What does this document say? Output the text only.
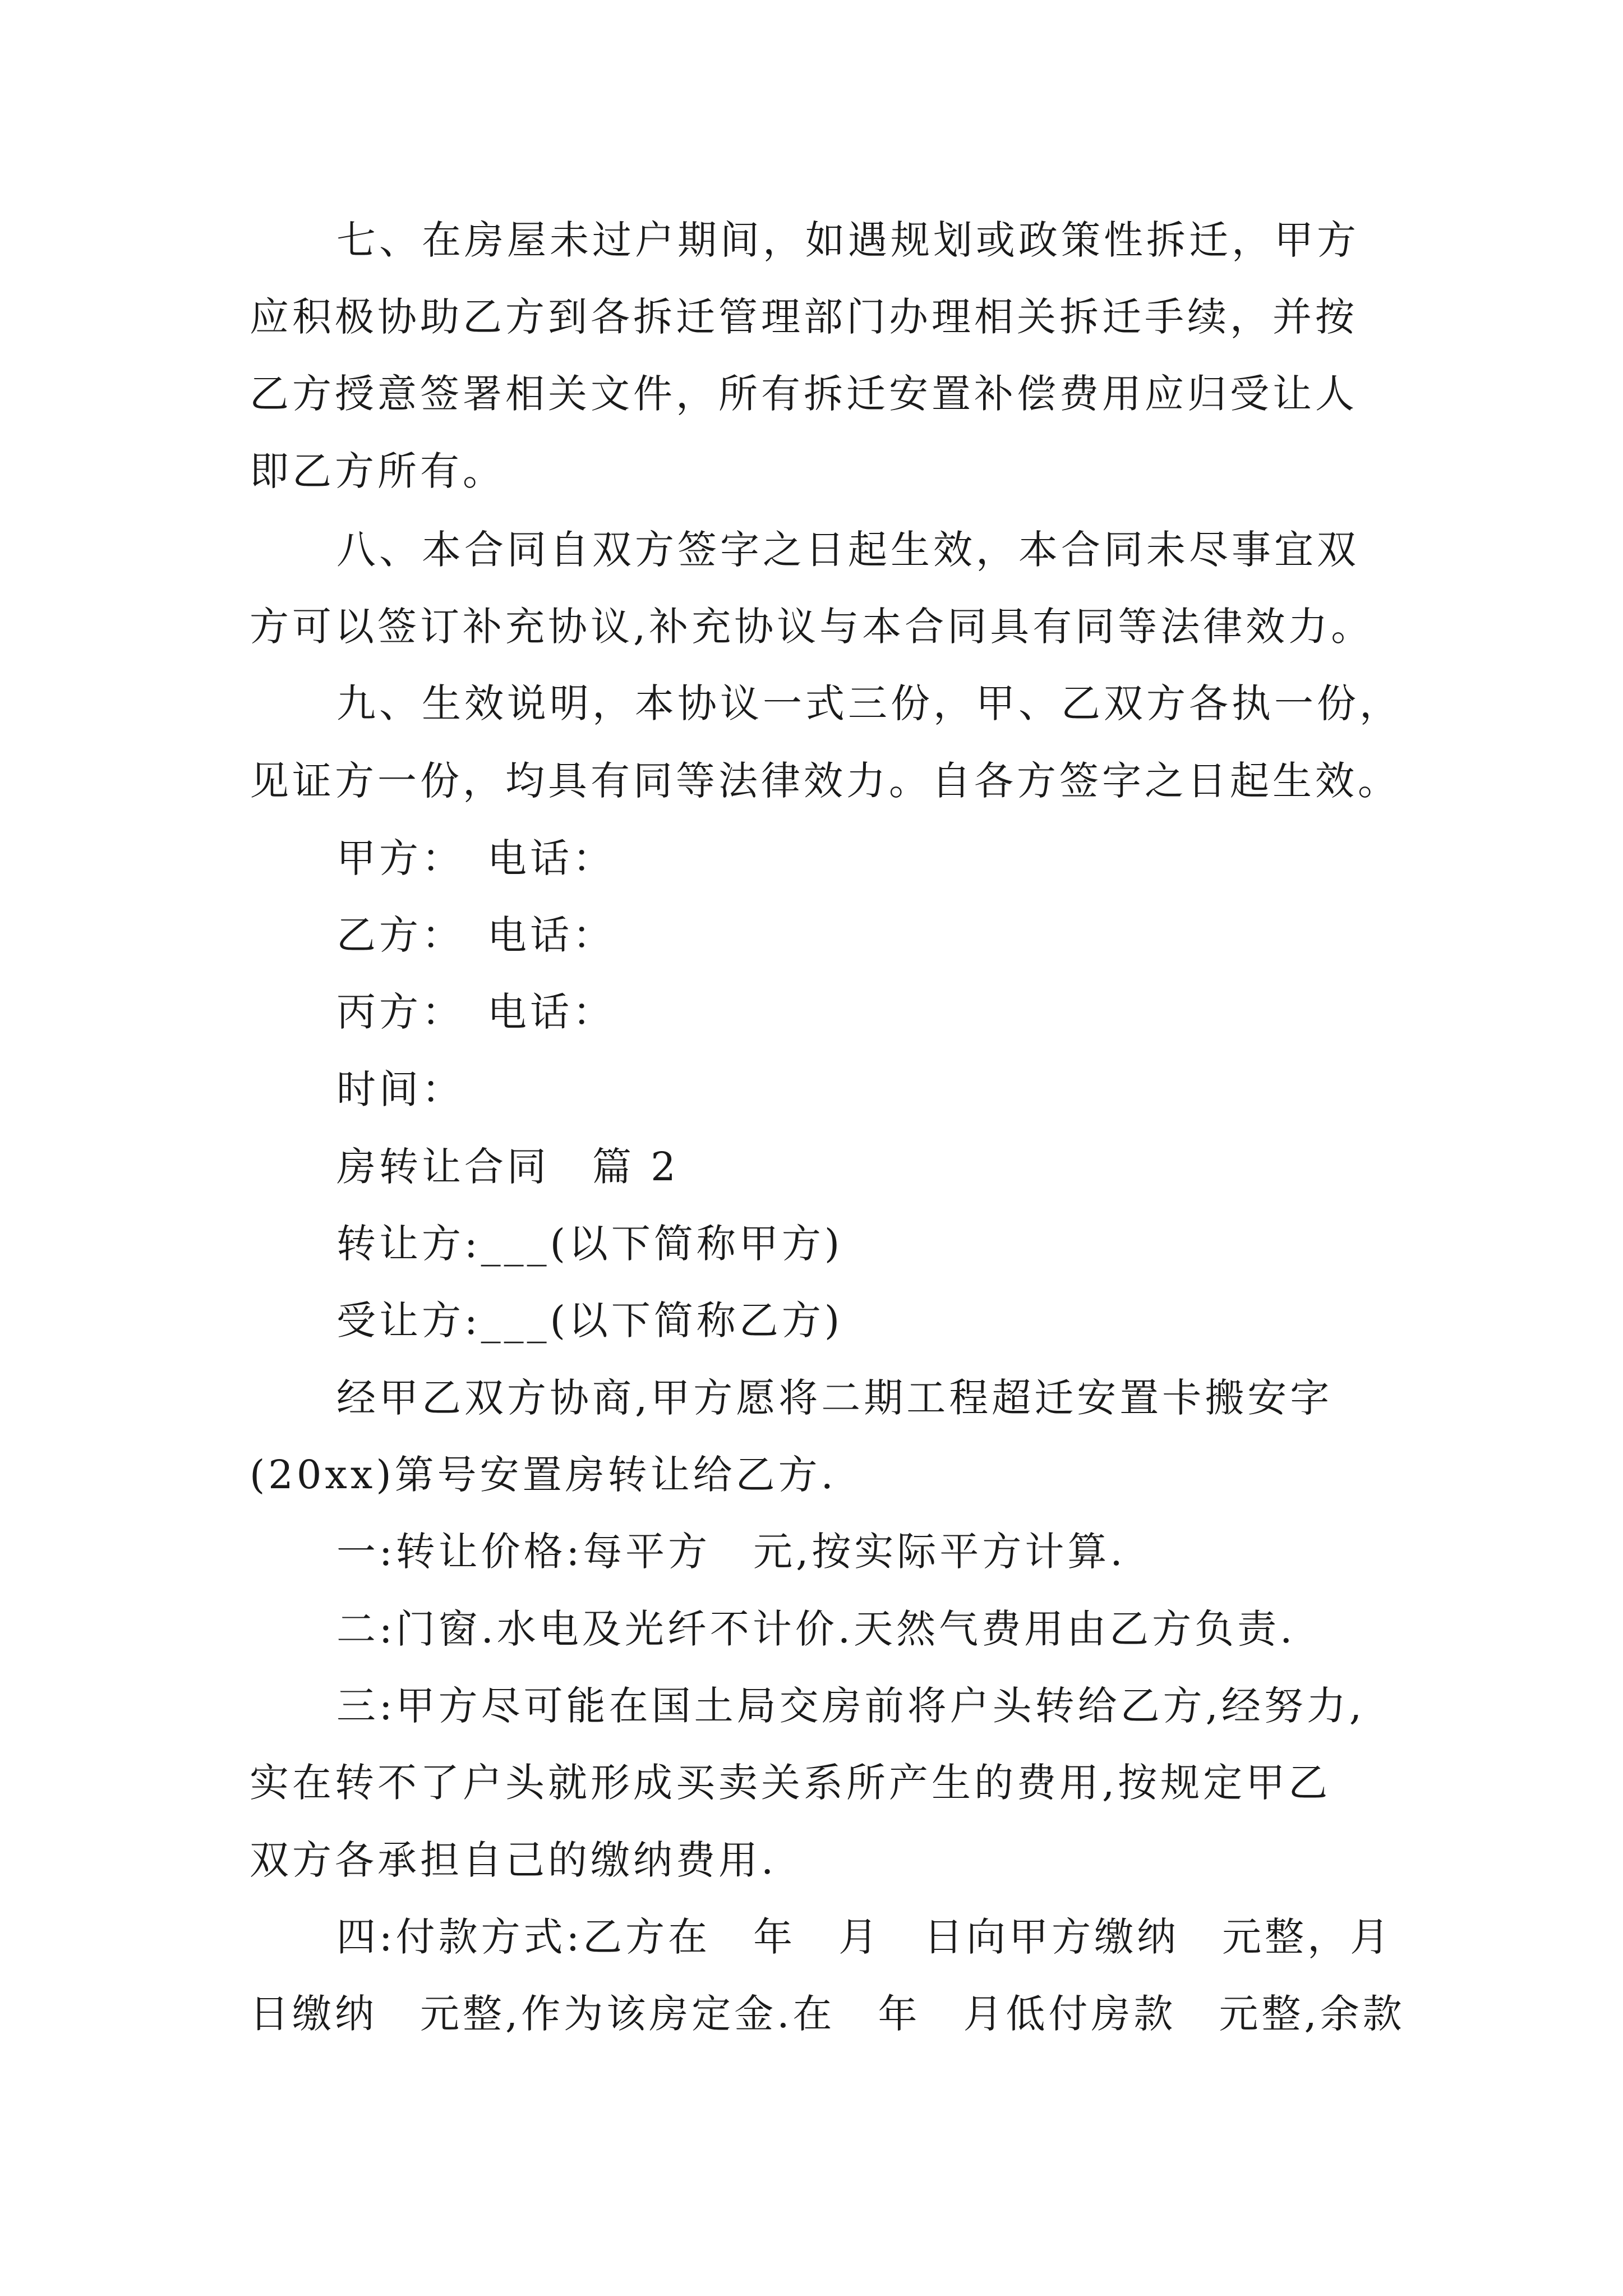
七、在房屋未过户期间，如遇规划或政策性拆迁，甲方
应积极协助乙方到各拆迁管理部门办理相关拆迁手续，并按
乙方授意签署相关文件，所有拆迁安置补偿费用应归受让人
即乙方所有。
八、本合同自双方签字之日起生效，本合同未尽事宜双
方可以签订补充协议,补充协议与本合同具有同等法律效力。
九、生效说明，本协议一式三份，甲、乙双方各执一份，
见证方一份，均具有同等法律效力。自各方签字之日起生效。
甲方：　电话：
乙方：　电话：
丙方：　电话：
时间：
房转让合同　篇 2
转让方:___(以下简称甲方)
受让方:___(以下简称乙方)
经甲乙双方协商,甲方愿将二期工程超迁安置卡搬安字
(20xx)第号安置房转让给乙方.
一:转让价格:每平方　元,按实际平方计算.
二:门窗.水电及光纤不计价.天然气费用由乙方负责.
三:甲方尽可能在国土局交房前将户头转给乙方,经努力,
实在转不了户头就形成买卖关系所产生的费用,按规定甲乙
双方各承担自己的缴纳费用.
四:付款方式:乙方在　年　月　日向甲方缴纳　元整，月
日缴纳　元整,作为该房定金.在　年　月低付房款　元整,余款
